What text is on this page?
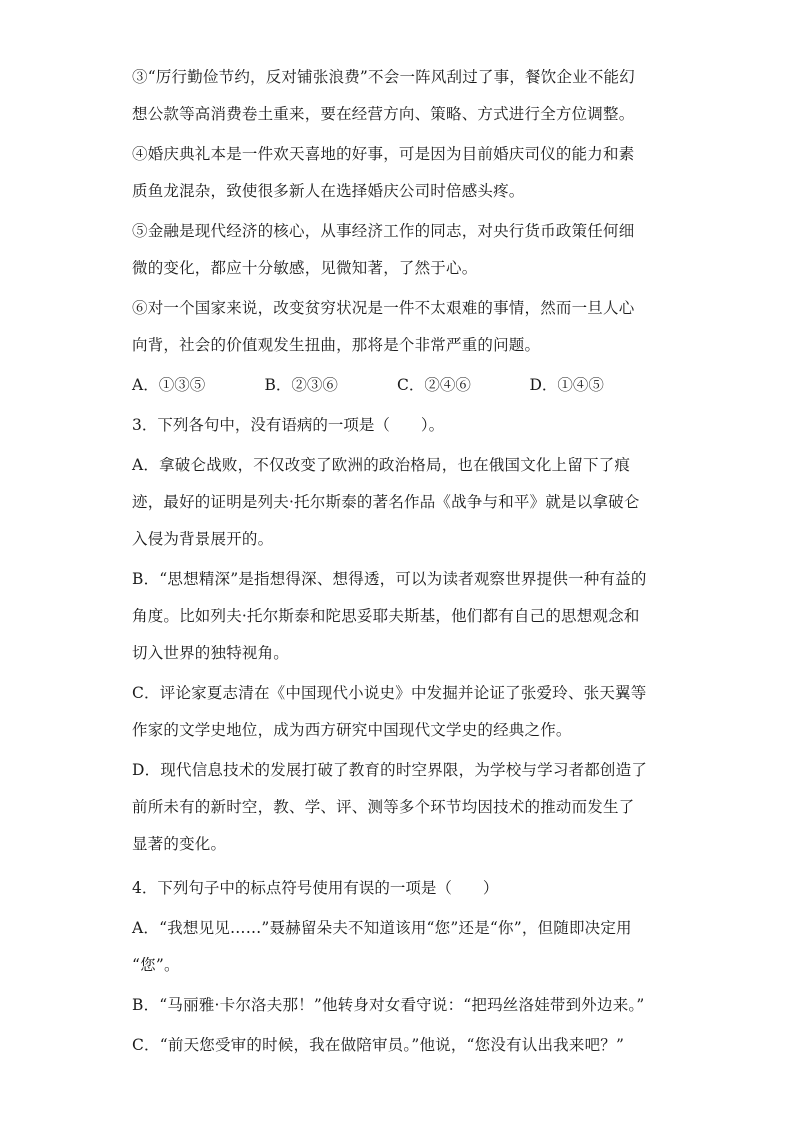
③“厉行勤俭节约，反对铺张浪费”不会一阵风刮过了事，餐饮企业不能幻
想公款等高消费卷土重来，要在经营方向、策略、方式进行全方位调整。
④婚庆典礼本是一件欢天喜地的好事，可是因为目前婚庆司仪的能力和素
质鱼龙混杂，致使很多新人在选择婚庆公司时倍感头疼。
⑤金融是现代经济的核心，从事经济工作的同志，对央行货币政策任何细
微的变化，都应十分敏感，见微知著，了然于心。
⑥对一个国家来说，改变贫穷状况是一件不太艰难的事情，然而一旦人心
向背，社会的价值观发生扭曲，那将是个非常严重的问题。
A．①③⑤	B．②③⑥	C．②④⑥	D．①④⑤
3．下列各句中，没有语病的一项是（　　）。
A．拿破仑战败，不仅改变了欧洲的政治格局，也在俄国文化上留下了痕
迹，最好的证明是列夫·托尔斯泰的著名作品《战争与和平》就是以拿破仑
入侵为背景展开的。
B．“思想精深”是指想得深、想得透，可以为读者观察世界提供一种有益的
角度。比如列夫·托尔斯泰和陀思妥耶夫斯基，他们都有自己的思想观念和
切入世界的独特视角。
C．评论家夏志清在《中国现代小说史》中发掘并论证了张爱玲、张天翼等
作家的文学史地位，成为西方研究中国现代文学史的经典之作。
D．现代信息技术的发展打破了教育的时空界限，为学校与学习者都创造了
前所未有的新时空，教、学、评、测等多个环节均因技术的推动而发生了
显著的变化。
4．下列句子中的标点符号使用有误的一项是（　　）
A．“我想见见……”聂赫留朵夫不知道该用“您”还是“你”，但随即决定用
“您”。
B．“马丽雅·卡尔洛夫那！”他转身对女看守说：“把玛丝洛娃带到外边来。”
C．“前天您受审的时候，我在做陪审员。”他说，“您没有认出我来吧？”
